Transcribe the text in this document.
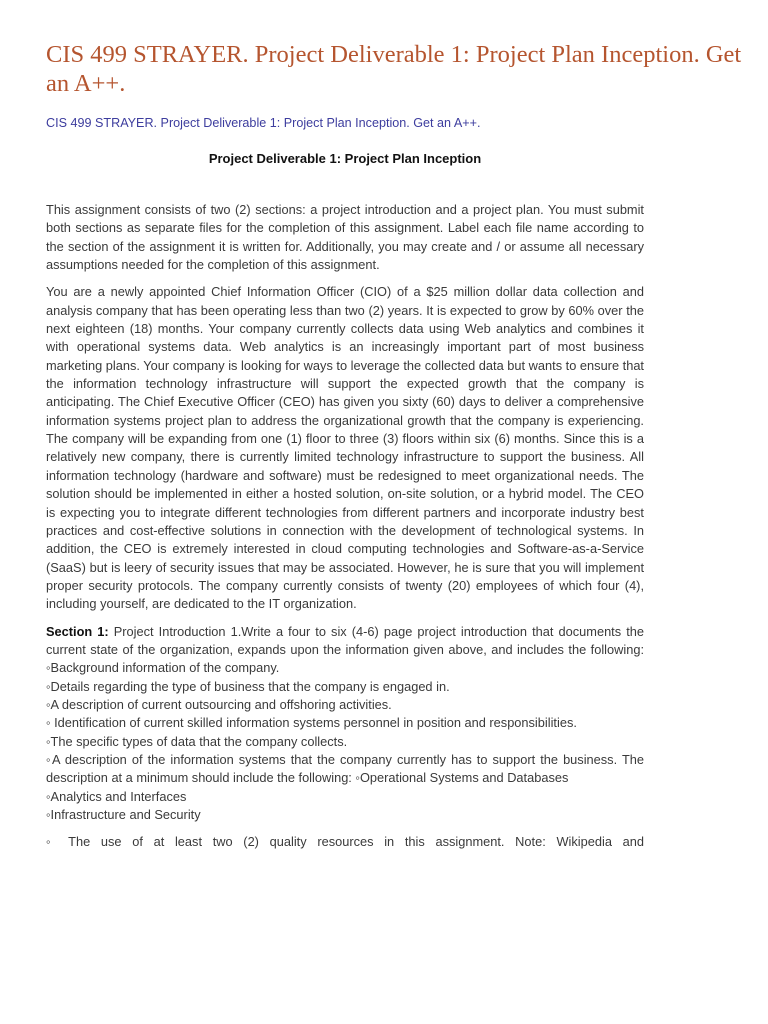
CIS 499 STRAYER. Project Deliverable 1: Project Plan Inception. Get an A++.
CIS 499 STRAYER. Project Deliverable 1: Project Plan Inception. Get an A++.
Project Deliverable 1: Project Plan Inception

This assignment consists of two (2) sections: a project introduction and a project plan. You must submit both sections as separate files for the completion of this assignment. Label each file name according to the section of the assignment it is written for. Additionally, you may create and / or assume all necessary assumptions needed for the completion of this assignment.

You are a newly appointed Chief Information Officer (CIO) of a $25 million dollar data collection and analysis company that has been operating less than two (2) years. It is expected to grow by 60% over the next eighteen (18) months. Your company currently collects data using Web analytics and combines it with operational systems data. Web analytics is an increasingly important part of most business marketing plans. Your company is looking for ways to leverage the collected data but wants to ensure that the information technology infrastructure will support the expected growth that the company is anticipating. The Chief Executive Officer (CEO) has given you sixty (60) days to deliver a comprehensive information systems project plan to address the organizational growth that the company is experiencing. The company will be expanding from one (1) floor to three (3) floors within six (6) months. Since this is a relatively new company, there is currently limited technology infrastructure to support the business. All information technology (hardware and software) must be redesigned to meet organizational needs. The solution should be implemented in either a hosted solution, on-site solution, or a hybrid model. The CEO is expecting you to integrate different technologies from different partners and incorporate industry best practices and cost-effective solutions in connection with the development of technological systems. In addition, the CEO is extremely interested in cloud computing technologies and Software-as-a-Service (SaaS) but is leery of security issues that may be associated. However, he is sure that you will implement proper security protocols. The company currently consists of twenty (20) employees of which four (4), including yourself, are dedicated to the IT organization.

Section 1: Project Introduction 1.Write a four to six (4-6) page project introduction that documents the current state of the organization, expands upon the information given above, and includes the following: ◦Background information of the company.
◦Details regarding the type of business that the company is engaged in.
◦A description of current outsourcing and offshoring activities.
◦ Identification of current skilled information systems personnel in position and responsibilities.
◦The specific types of data that the company collects.
◦A description of the information systems that the company currently has to support the business. The description at a minimum should include the following: ◦Operational Systems and Databases
◦Analytics and Interfaces
◦Infrastructure and Security
◦ The use of at least two (2) quality resources in this assignment. Note: Wikipedia and
